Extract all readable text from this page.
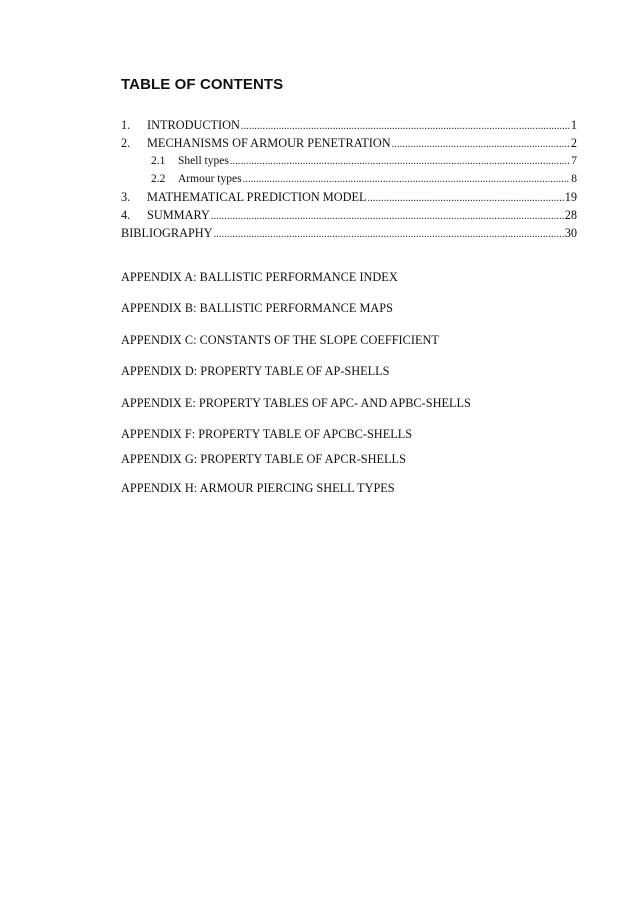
TABLE OF CONTENTS
1.	INTRODUCTION .....	1
2.	MECHANISMS OF ARMOUR PENETRATION .....	2
2.1	Shell types .....	7
2.2	Armour types .....	8
3.	MATHEMATICAL PREDICTION MODEL .....	19
4.	SUMMARY .....	28
BIBLIOGRAPHY .....	30
APPENDIX A: BALLISTIC PERFORMANCE INDEX
APPENDIX B: BALLISTIC PERFORMANCE MAPS
APPENDIX C: CONSTANTS OF THE SLOPE COEFFICIENT
APPENDIX D: PROPERTY TABLE OF AP-SHELLS
APPENDIX E: PROPERTY TABLES OF APC- AND APBC-SHELLS
APPENDIX F: PROPERTY TABLE OF APCBC-SHELLS
APPENDIX G: PROPERTY TABLE OF APCR-SHELLS
APPENDIX H: ARMOUR PIERCING SHELL TYPES
